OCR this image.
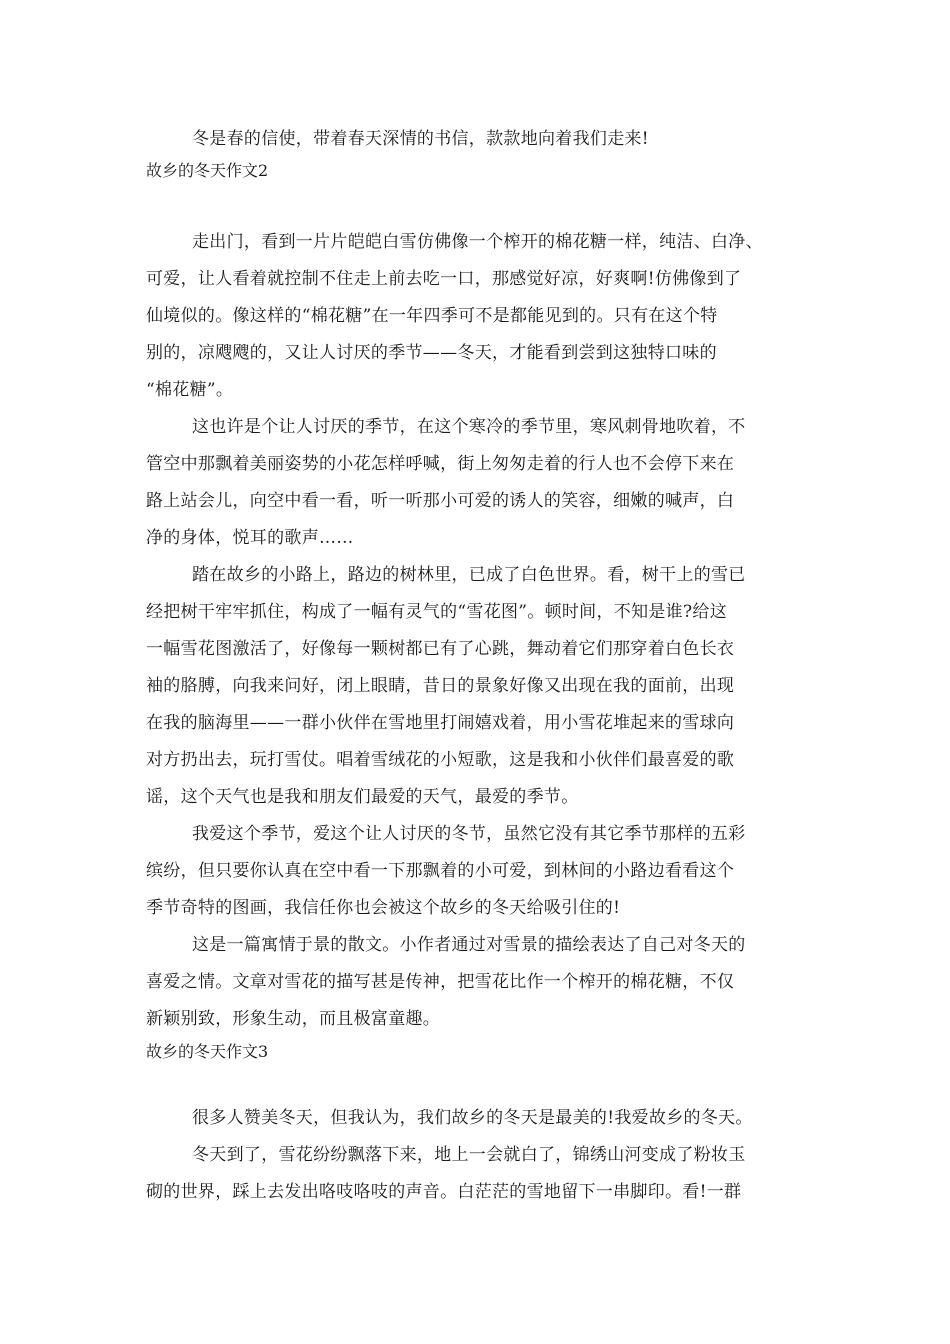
冬是春的信使，带着春天深情的书信，款款地向着我们走来!
故乡的冬天作文2
走出门，看到一片片皑皑白雪仿佛像一个榨开的棉花糖一样，纯洁、白净、
可爱，让人看着就控制不住走上前去吃一口，那感觉好凉，好爽啊!仿佛像到了
仙境似的。像这样的“棉花糖”在一年四季可不是都能见到的。只有在这个特
别的，凉飕飕的，又让人讨厌的季节——冬天，才能看到尝到这独特口味的
“棉花糖”。
这也许是个让人讨厌的季节，在这个寒冷的季节里，寒风刺骨地吹着，不
管空中那飘着美丽姿势的小花怎样呼喊，街上匆匆走着的行人也不会停下来在
路上站会儿，向空中看一看，听一听那小可爱的诱人的笑容，细嫩的喊声，白
净的身体，悦耳的歌声……
踏在故乡的小路上，路边的树林里，已成了白色世界。看，树干上的雪已
经把树干牢牢抓住，构成了一幅有灵气的“雪花图”。顿时间，不知是谁?给这
一幅雪花图激活了，好像每一颗树都已有了心跳，舞动着它们那穿着白色长衣
袖的胳膊，向我来问好，闭上眼睛，昔日的景象好像又出现在我的面前，出现
在我的脑海里——一群小伙伴在雪地里打闹嬉戏着，用小雪花堆起来的雪球向
对方扔出去，玩打雪仗。唱着雪绒花的小短歌，这是我和小伙伴们最喜爱的歌
谣，这个天气也是我和朋友们最爱的天气，最爱的季节。
我爱这个季节，爱这个让人讨厌的冬节，虽然它没有其它季节那样的五彩
缤纷，但只要你认真在空中看一下那飘着的小可爱，到林间的小路边看看这个
季节奇特的图画，我信任你也会被这个故乡的冬天给吸引住的!
这是一篇寓情于景的散文。小作者通过对雪景的描绘表达了自己对冬天的
喜爱之情。文章对雪花的描写甚是传神，把雪花比作一个榨开的棉花糖，不仅
新颖别致，形象生动，而且极富童趣。
故乡的冬天作文3
很多人赞美冬天，但我认为，我们故乡的冬天是最美的!我爱故乡的冬天。
冬天到了，雪花纷纷飘落下来，地上一会就白了，锦绣山河变成了粉妆玉
砌的世界，踩上去发出咯吱咯吱的声音。白茫茫的雪地留下一串脚印。看!一群
